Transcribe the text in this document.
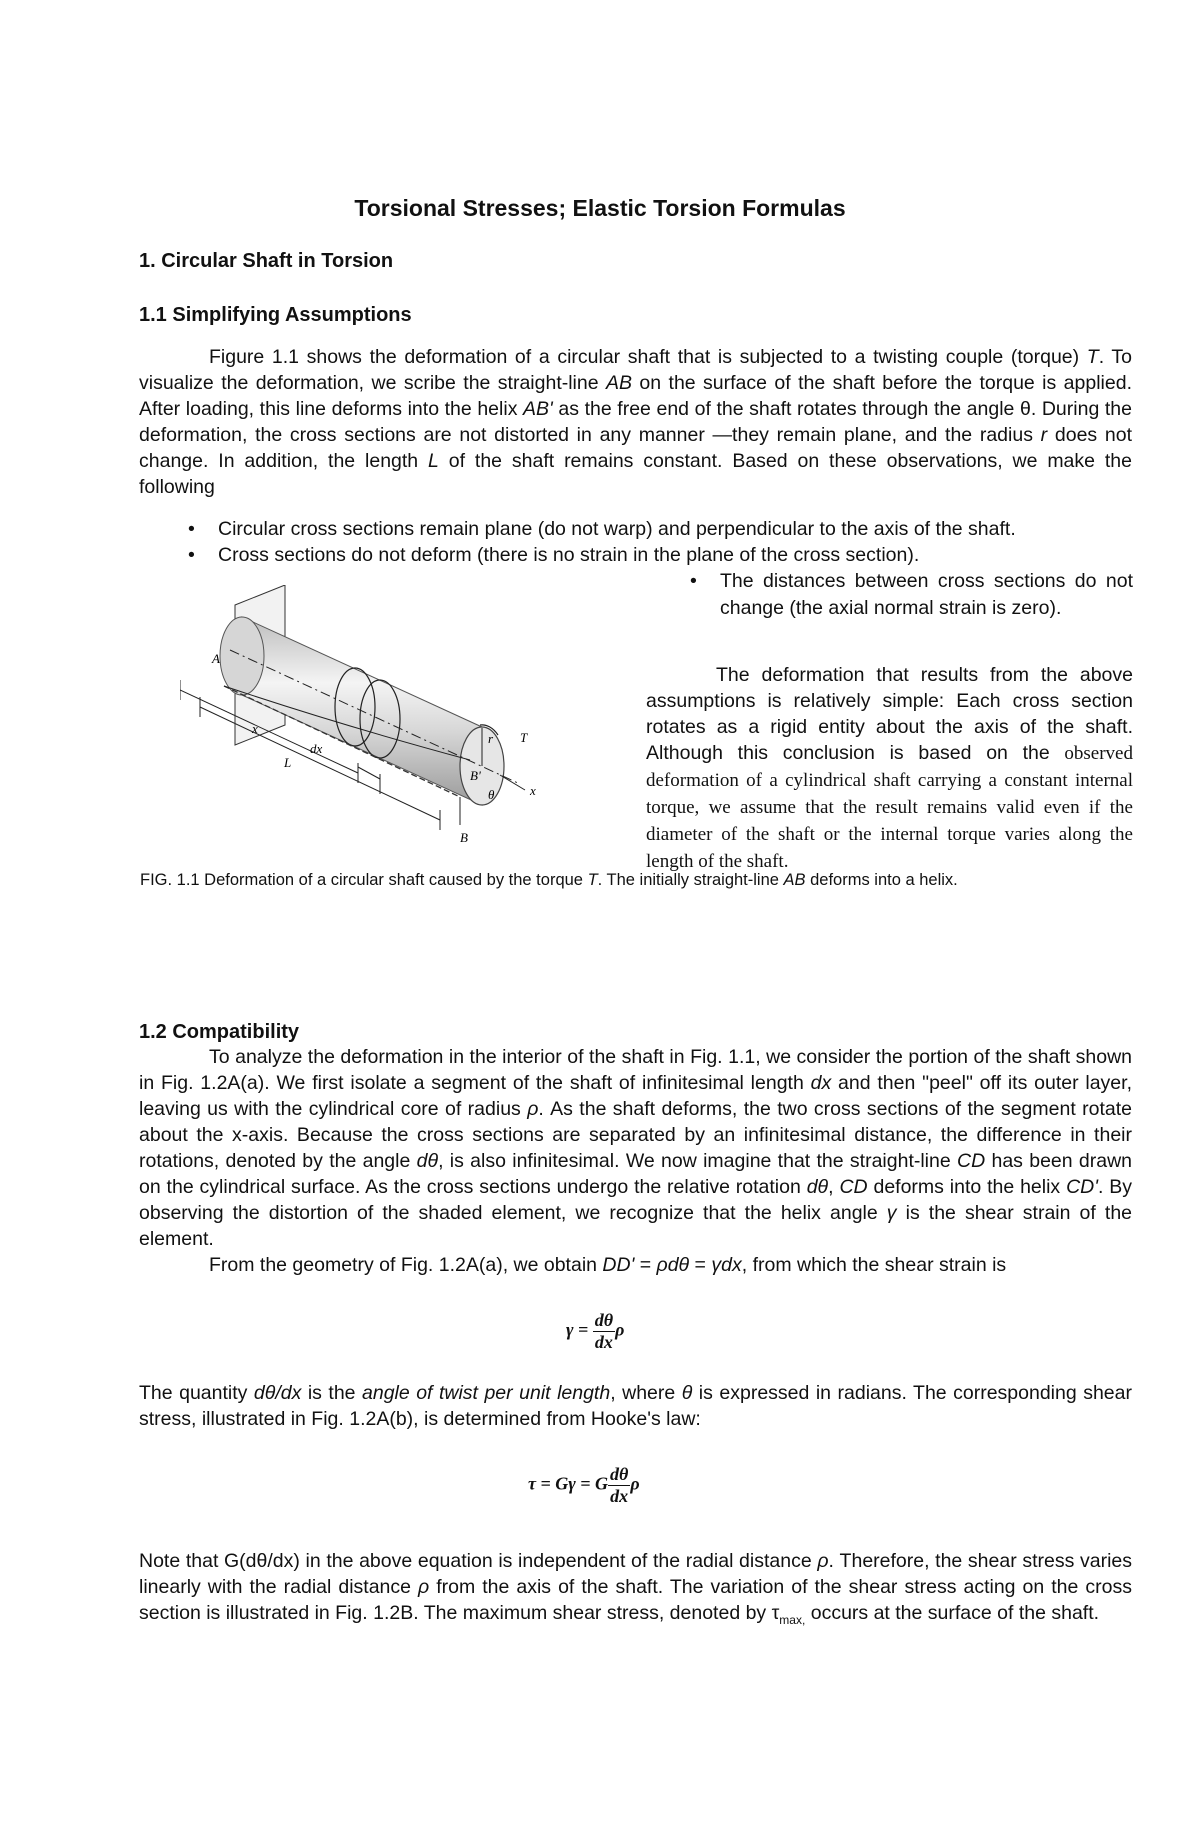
Torsional Stresses; Elastic Torsion Formulas
1. Circular Shaft in Torsion
1.1 Simplifying Assumptions
Figure 1.1 shows the deformation of a circular shaft that is subjected to a twisting couple (torque) T. To visualize the deformation, we scribe the straight-line AB on the surface of the shaft before the torque is applied. After loading, this line deforms into the helix AB' as the free end of the shaft rotates through the angle θ. During the deformation, the cross sections are not distorted in any manner —they remain plane, and the radius r does not change. In addition, the length L of the shaft remains constant. Based on these observations, we make the following
• Circular cross sections remain plane (do not warp) and perpendicular to the axis of the shaft.
• Cross sections do not deform (there is no strain in the plane of the cross section).
• The distances between cross sections do not change (the axial normal strain is zero).
The deformation that results from the above assumptions is relatively simple: Each cross section rotates as a rigid entity about the axis of the shaft. Although this conclusion is based on the observed deformation of a cylindrical shaft carrying a constant internal torque, we assume that the result remains valid even if the diameter of the shaft or the internal torque varies along the length of the shaft.
A
x
dx
L
T
r
B'
θ	x
B
FIG. 1.1 Deformation of a circular shaft caused by the torque T. The initially straight-line AB deforms into a helix.
1.2 Compatibility
To analyze the deformation in the interior of the shaft in Fig. 1.1, we consider the portion of the shaft shown in Fig. 1.2A(a). We first isolate a segment of the shaft of infinitesimal length dx and then "peel" off its outer layer, leaving us with the cylindrical core of radius ρ. As the shaft deforms, the two cross sections of the segment rotate about the x-axis. Because the cross sections are separated by an infinitesimal distance, the difference in their rotations, denoted by the angle dθ, is also infinitesimal. We now imagine that the straight-line CD has been drawn on the cylindrical surface. As the cross sections undergo the relative rotation dθ, CD deforms into the helix CD'. By observing the distortion of the shaded element, we recognize that the helix angle γ is the shear strain of the element.
From the geometry of Fig. 1.2A(a), we obtain DD' = ρdθ = γdx, from which the shear strain is
$\gamma = \frac{d\theta}{dx}$ ρ
The quantity dθ/dx is the angle of twist per unit length, where θ is expressed in radians. The corresponding shear stress, illustrated in Fig. 1.2A(b), is determined from Hooke's law:
τ = Gγ = G $\frac{d\theta}{dx}$ ρ
Note that G(dθ/dx) in the above equation is independent of the radial distance ρ. Therefore, the shear stress varies linearly with the radial distance ρ from the axis of the shaft. The variation of the shear stress acting on the cross section is illustrated in Fig. 1.2B. The maximum shear stress, denoted by $\tau_{max,}$ occurs at the surface of the shaft.
